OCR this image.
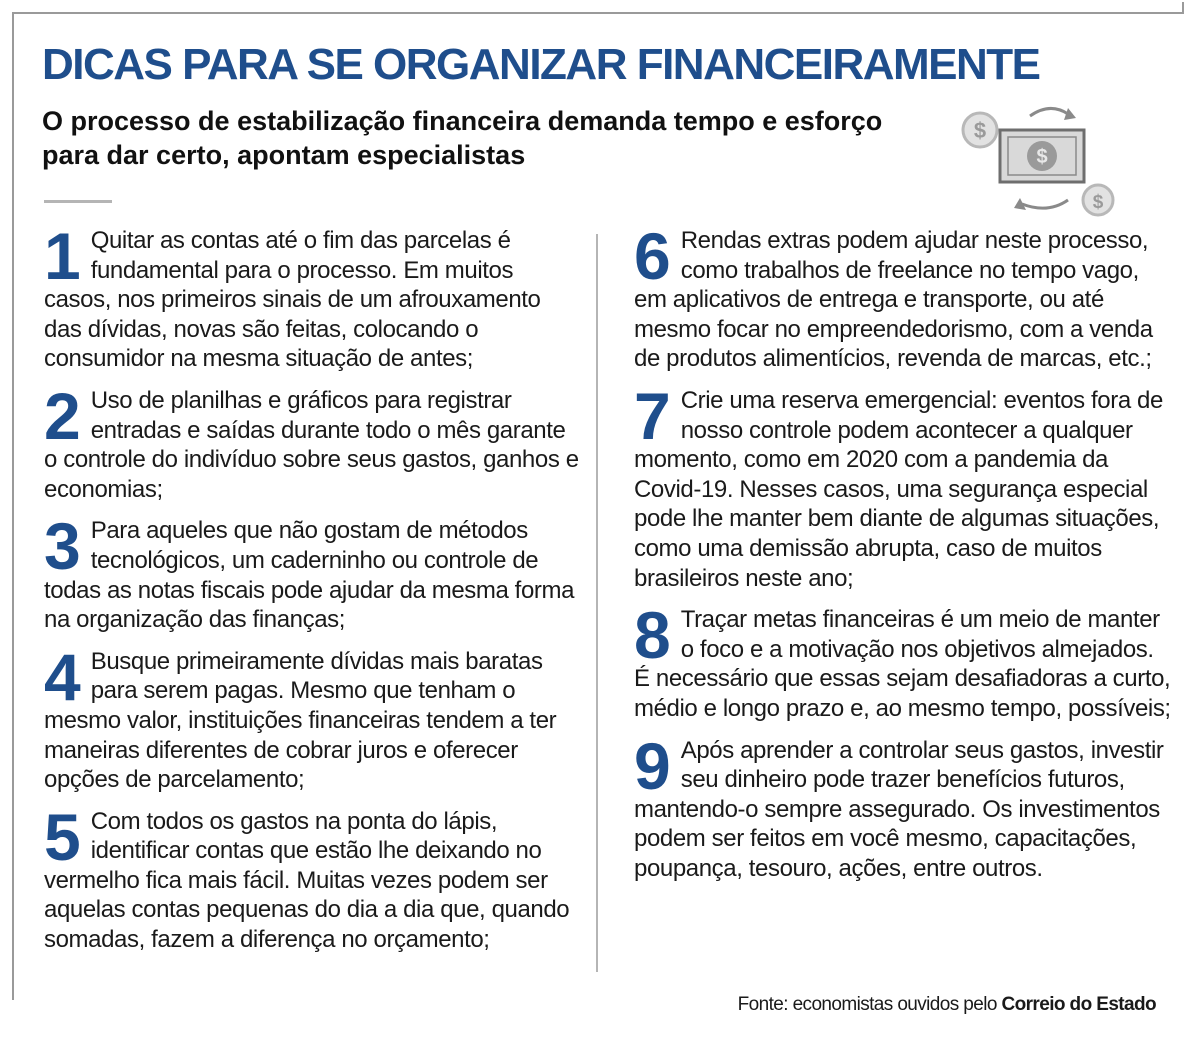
DICAS PARA SE ORGANIZAR FINANCEIRAMENTE

O processo de estabilização financeira demanda tempo e esforço para dar certo, apontam especialistas

$
$
$
1 Quitar as contas até o fim das parcelas é fundamental para o processo. Em muitos casos, nos primeiros sinais de um afrouxamento das dívidas, novas são feitas, colocando o consumidor na mesma situação de antes;
2 Uso de planilhas e gráficos para registrar entradas e saídas durante todo o mês garante o controle do indivíduo sobre seus gastos, ganhos e economias;
3 Para aqueles que não gostam de métodos tecnológicos, um caderninho ou controle de todas as notas fiscais pode ajudar da mesma forma na organização das finanças;
4 Busque primeiramente dívidas mais baratas para serem pagas. Mesmo que tenham o mesmo valor, instituições financeiras tendem a ter maneiras diferentes de cobrar juros e oferecer opções de parcelamento;
5 Com todos os gastos na ponta do lápis, identificar contas que estão lhe deixando no vermelho fica mais fácil. Muitas vezes podem ser aquelas contas pequenas do dia a dia que, quando somadas, fazem a diferença no orçamento;
6 Rendas extras podem ajudar neste processo, como trabalhos de freelance no tempo vago, em aplicativos de entrega e transporte, ou até mesmo focar no empreendedorismo, com a venda de produtos alimentícios, revenda de marcas, etc.;
7 Crie uma reserva emergencial: eventos fora de nosso controle podem acontecer a qualquer momento, como em 2020 com a pandemia da Covid-19. Nesses casos, uma segurança especial pode lhe manter bem diante de algumas situações, como uma demissão abrupta, caso de muitos brasileiros neste ano;
8 Traçar metas financeiras é um meio de manter o foco e a motivação nos objetivos almejados. É necessário que essas sejam desafiadoras a curto, médio e longo prazo e, ao mesmo tempo, possíveis;
9 Após aprender a controlar seus gastos, investir seu dinheiro pode trazer benefícios futuros, mantendo-o sempre assegurado. Os investimentos podem ser feitos em você mesmo, capacitações, poupança, tesouro, ações, entre outros.
Fonte: economistas ouvidos pelo Correio do Estado
